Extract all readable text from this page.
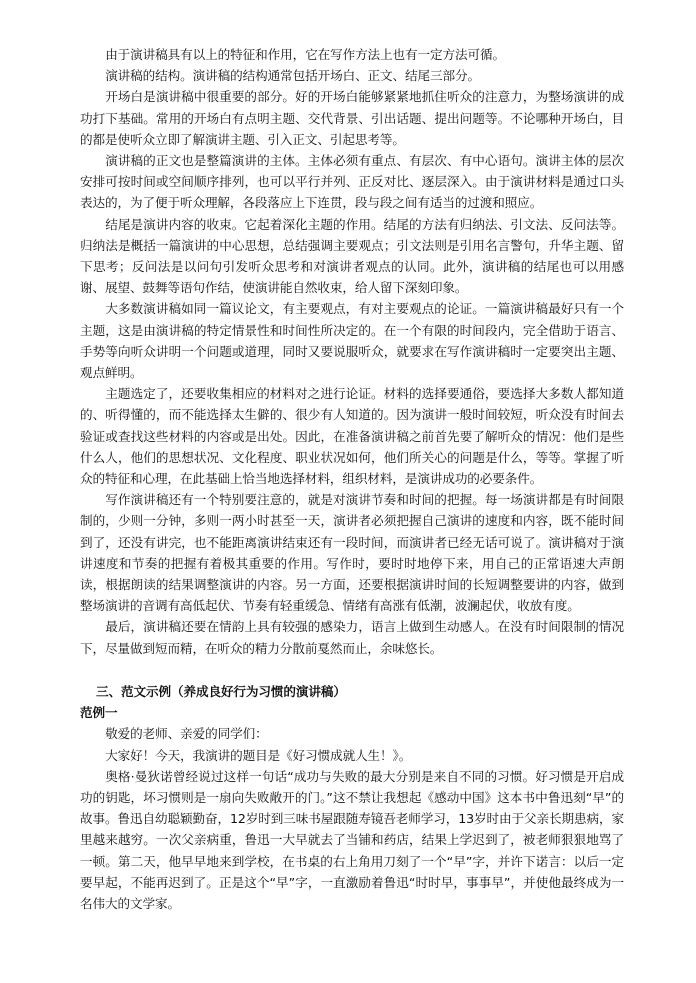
由于演讲稿具有以上的特征和作用，它在写作方法上也有一定方法可循。

演讲稿的结构。演讲稿的结构通常包括开场白、正文、结尾三部分。

开场白是演讲稿中很重要的部分。好的开场白能够紧紧地抓住听众的注意力，为整场演讲的成功打下基础。常用的开场白有点明主题、交代背景、引出话题、提出问题等。不论哪种开场白，目的都是使听众立即了解演讲主题、引入正文、引起思考等。

演讲稿的正文也是整篇演讲的主体。主体必须有重点、有层次、有中心语句。演讲主体的层次安排可按时间或空间顺序排列，也可以平行并列、正反对比、逐层深入。由于演讲材料是通过口头表达的，为了便于听众理解，各段落应上下连贯，段与段之间有适当的过渡和照应。

结尾是演讲内容的收束。它起着深化主题的作用。结尾的方法有归纳法、引文法、反问法等。归纳法是概括一篇演讲的中心思想，总结强调主要观点；引文法则是引用名言警句，升华主题、留下思考；反问法是以问句引发听众思考和对演讲者观点的认同。此外，演讲稿的结尾也可以用感谢、展望、鼓舞等语句作结，使演讲能自然收束，给人留下深刻印象。

大多数演讲稿如同一篇议论文，有主要观点，有对主要观点的论证。一篇演讲稿最好只有一个主题，这是由演讲稿的特定情景性和时间性所决定的。在一个有限的时间段内，完全借助于语言、手势等向听众讲明一个问题或道理，同时又要说服听众，就要求在写作演讲稿时一定要突出主题、观点鲜明。

主题选定了，还要收集相应的材料对之进行论证。材料的选择要通俗，要选择大多数人都知道的、听得懂的，而不能选择太生僻的、很少有人知道的。因为演讲一般时间较短，听众没有时间去验证或查找这些材料的内容或是出处。因此，在准备演讲稿之前首先要了解听众的情况：他们是些什么人，他们的思想状况、文化程度、职业状况如何，他们所关心的问题是什么，等等。掌握了听众的特征和心理，在此基础上恰当地选择材料，组织材料，是演讲成功的必要条件。

写作演讲稿还有一个特别要注意的，就是对演讲节奏和时间的把握。每一场演讲都是有时间限制的，少则一分钟，多则一两小时甚至一天，演讲者必须把握自己演讲的速度和内容，既不能时间到了，还没有讲完，也不能距离演讲结束还有一段时间，而演讲者已经无话可说了。演讲稿对于演讲速度和节奏的把握有着极其重要的作用。写作时，要时时地停下来，用自己的正常语速大声朗读，根据朗读的结果调整演讲的内容。另一方面，还要根据演讲时间的长短调整要讲的内容，做到整场演讲的音调有高低起伏、节奏有轻重缓急、情绪有高涨有低潮，波澜起伏，收放有度。

最后，演讲稿还要在情韵上具有较强的感染力，语言上做到生动感人。在没有时间限制的情况下，尽量做到短而精，在听众的精力分散前戛然而止，余味悠长。

三、范文示例（养成良好行为习惯的演讲稿）

范例一

敬爱的老师、亲爱的同学们：

大家好！今天，我演讲的题目是《好习惯成就人生！》。

奥格·曼狄诺曾经说过这样一句话“成功与失败的最大分别是来自不同的习惯。好习惯是开启成功的钥匙，坏习惯则是一扇向失败敞开的门。”这不禁让我想起《感动中国》这本书中鲁迅刻“早”的故事。鲁迅自幼聪颖勤奋，12岁时到三味书屋跟随寿镜吾老师学习，13岁时由于父亲长期患病，家里越来越穷。一次父亲病重，鲁迅一大早就去了当铺和药店，结果上学迟到了，被老师狠狠地骂了一顿。第二天，他早早地来到学校，在书桌的右上角用刀刻了一个“早”字，并许下诺言：以后一定要早起，不能再迟到了。正是这个“早”字，一直激励着鲁迅“时时早，事事早”，并使他最终成为一名伟大的文学家。
